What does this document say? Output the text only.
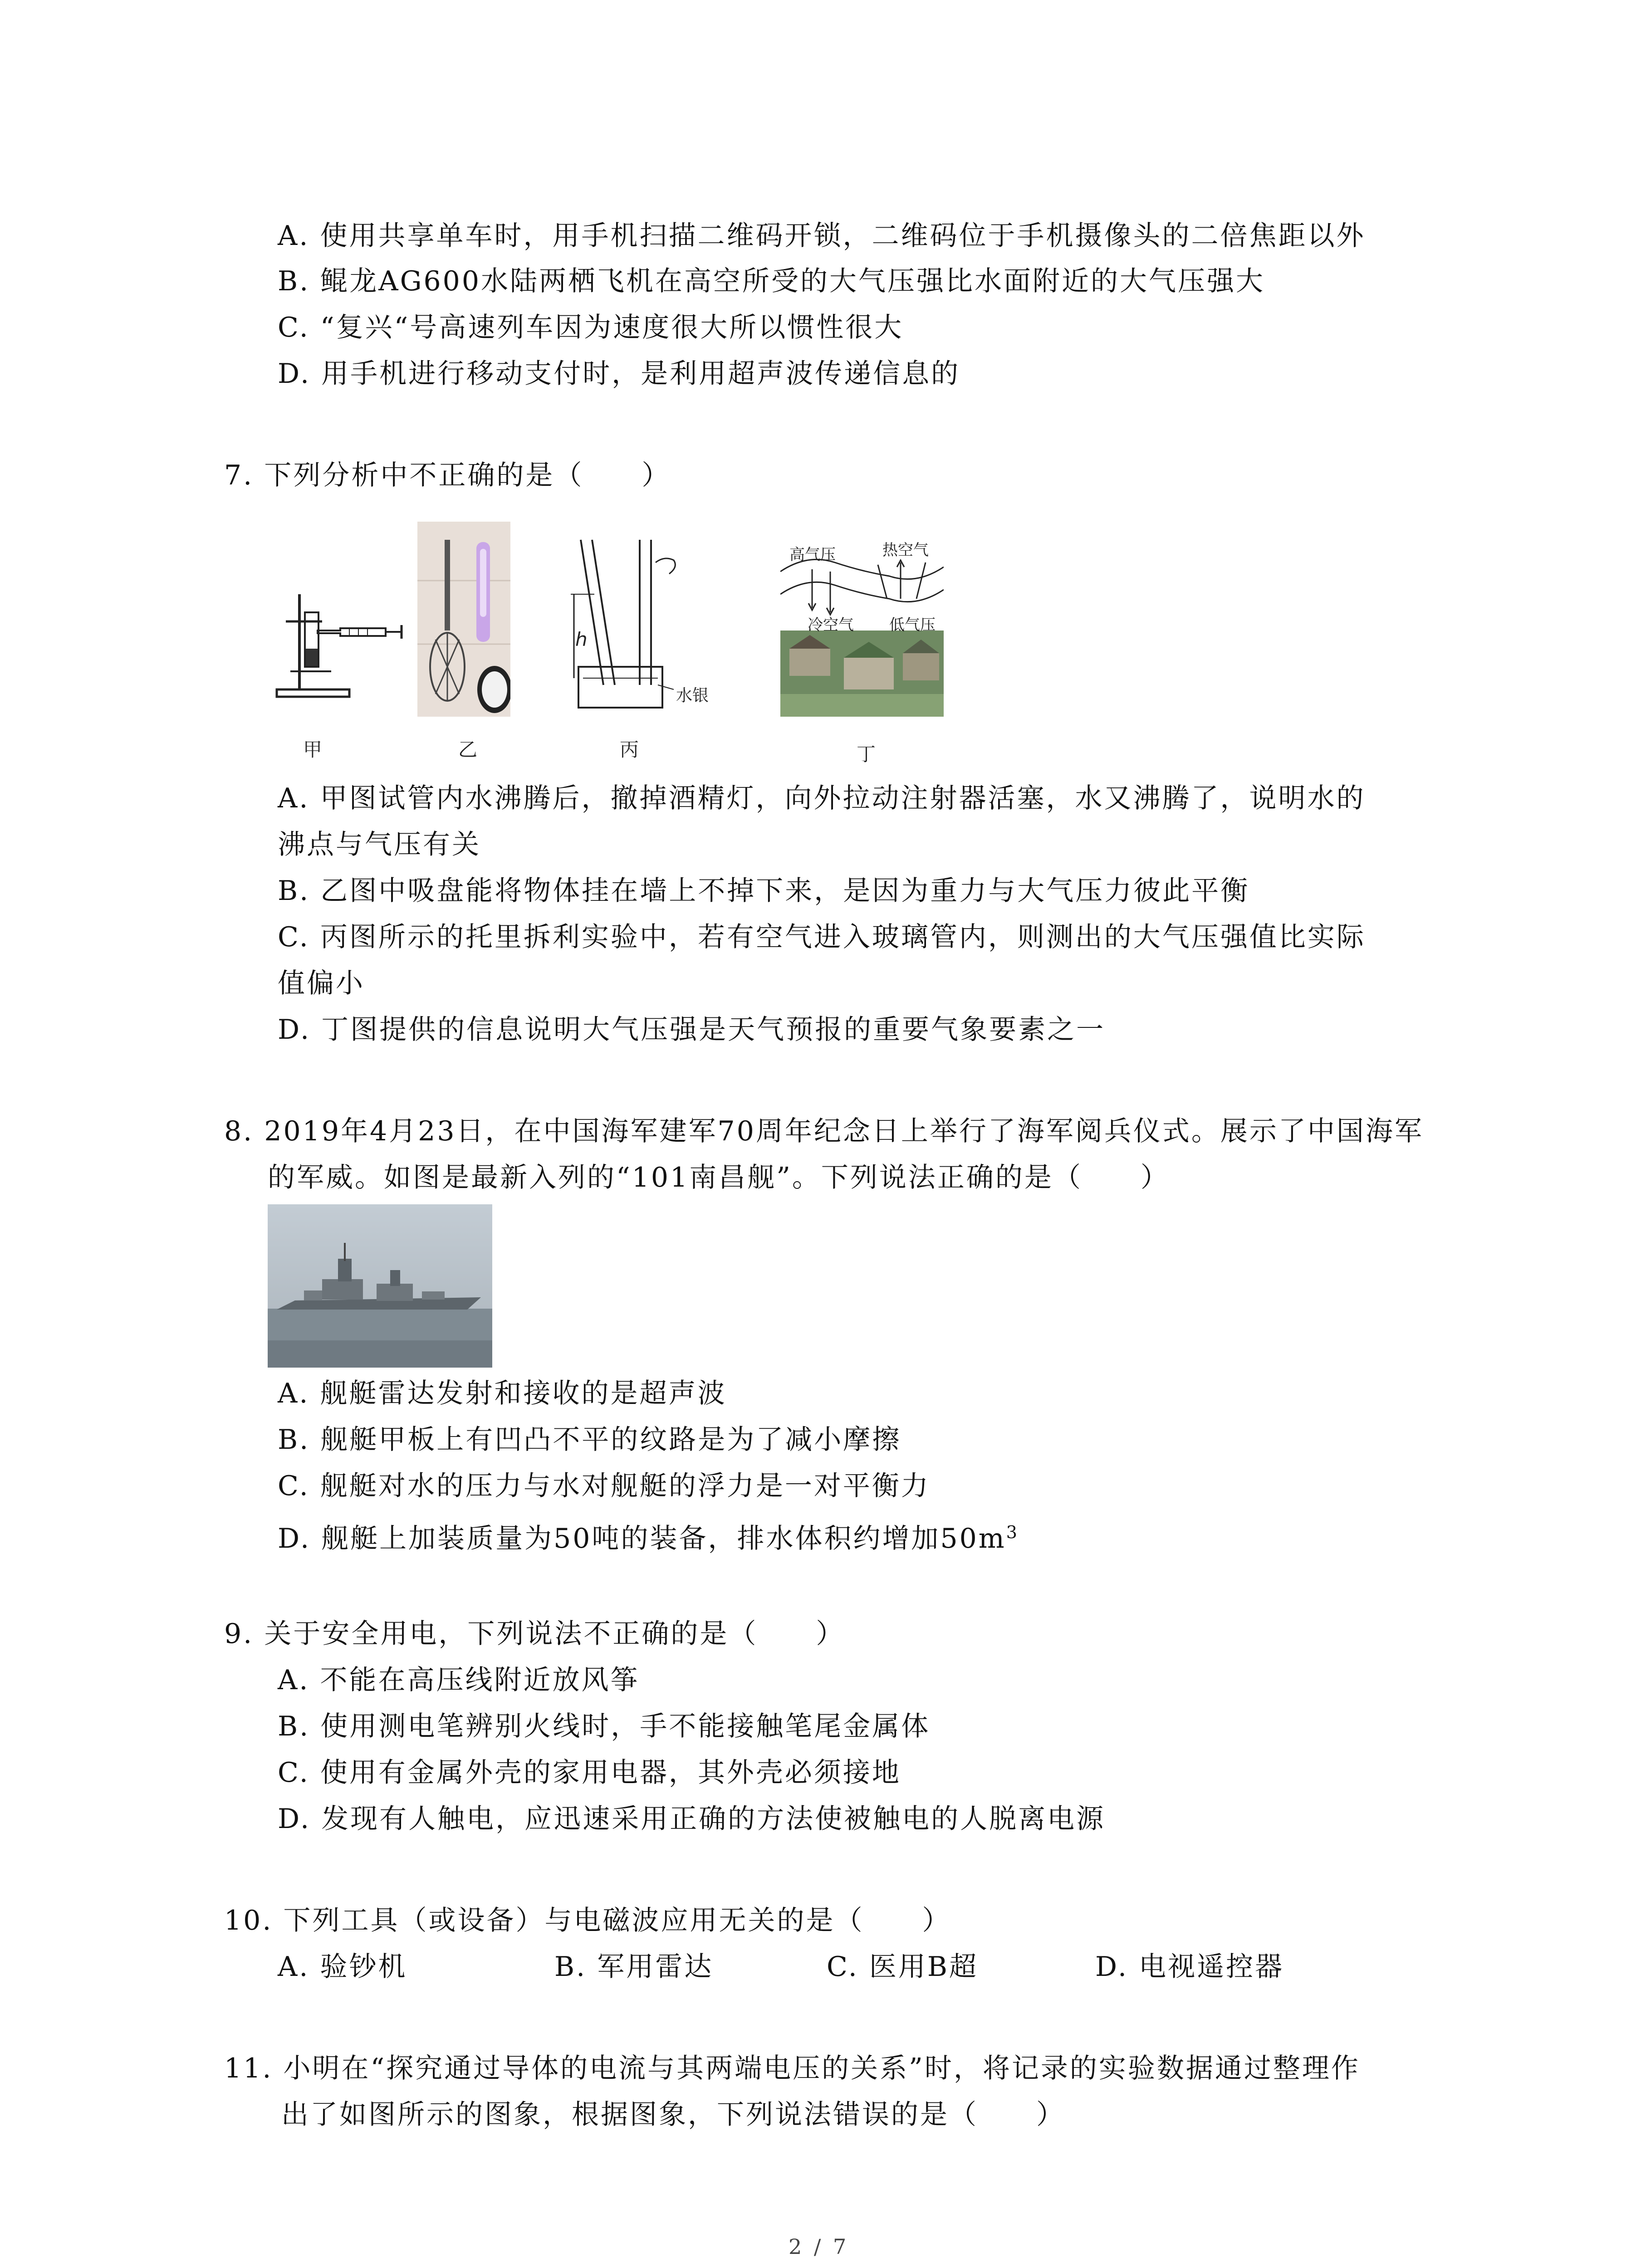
A. 使用共享单车时，用手机扫描二维码开锁，二维码位于手机摄像头的二倍焦距以外
B. 鲲龙AG600水陆两栖飞机在高空所受的大气压强比水面附近的大气压强大
C. “复兴“号高速列车因为速度很大所以惯性很大
D. 用手机进行移动支付时，是利用超声波传递信息的
7. 下列分析中不正确的是（　　）
甲	乙
h
水银
丙
高气压	热空气
冷空气 低气压
丁
A. 甲图试管内水沸腾后，撤掉酒精灯，向外拉动注射器活塞，水又沸腾了，说明水的
沸点与气压有关
B. 乙图中吸盘能将物体挂在墙上不掉下来，是因为重力与大气压力彼此平衡
C. 丙图所示的托里拆利实验中，若有空气进入玻璃管内，则测出的大气压强值比实际
值偏小
D. 丁图提供的信息说明大气压强是天气预报的重要气象要素之一
8. 2019年4月23日，在中国海军建军70周年纪念日上举行了海军阅兵仪式。展示了中国海军
的军威。如图是最新入列的“101南昌舰”。下列说法正确的是（　　）
A. 舰艇雷达发射和接收的是超声波
B. 舰艇甲板上有凹凸不平的纹路是为了减小摩擦
C. 舰艇对水的压力与水对舰艇的浮力是一对平衡力
D. 舰艇上加装质量为50吨的装备，排水体积约增加$50m^3$
9. 关于安全用电，下列说法不正确的是（　　）
A. 不能在高压线附近放风筝
B. 使用测电笔辨别火线时，手不能接触笔尾金属体
C. 使用有金属外壳的家用电器，其外壳必须接地
D. 发现有人触电，应迅速采用正确的方法使被触电的人脱离电源
10. 下列工具（或设备）与电磁波应用无关的是（　　）
A. 验钞机	B. 军用雷达	C. 医用B超	D. 电视遥控器
11. 小明在“探究通过导体的电流与其两端电压的关系”时，将记录的实验数据通过整理作
出了如图所示的图象，根据图象，下列说法错误的是（　　）
2 / 7
